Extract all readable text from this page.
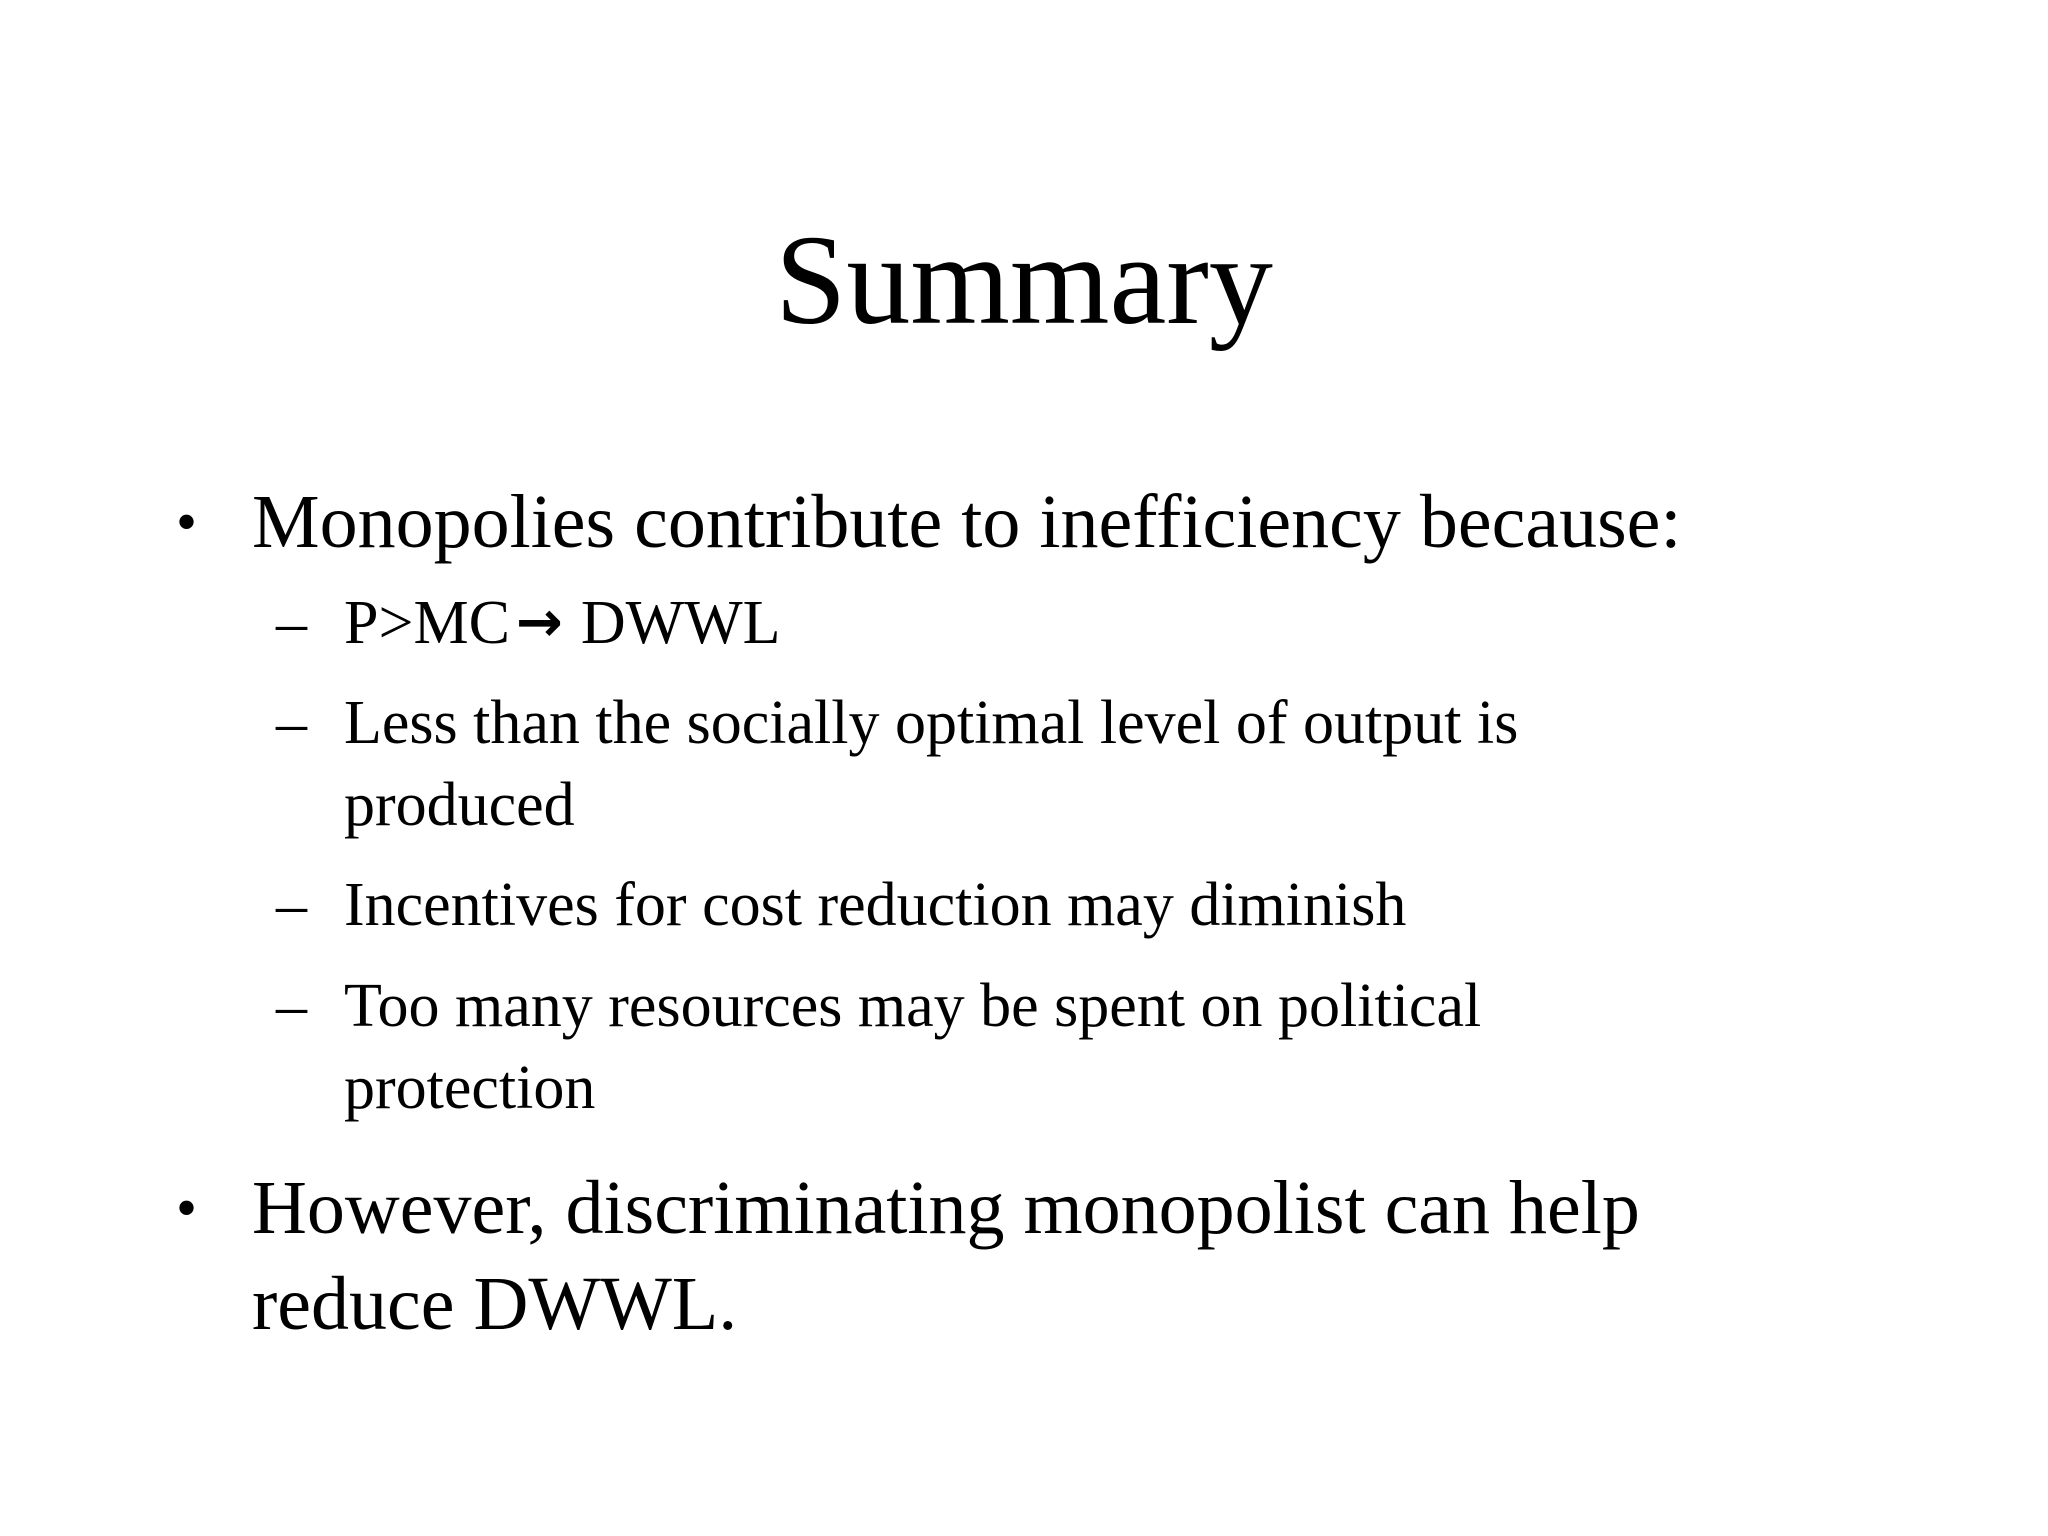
Summary
• Monopolies contribute to inefficiency because:
– P>MC → DWWL
– Less than the socially optimal level of output is produced
– Incentives for cost reduction may diminish
– Too many resources may be spent on political protection
• However, discriminating monopolist can help reduce DWWL.
